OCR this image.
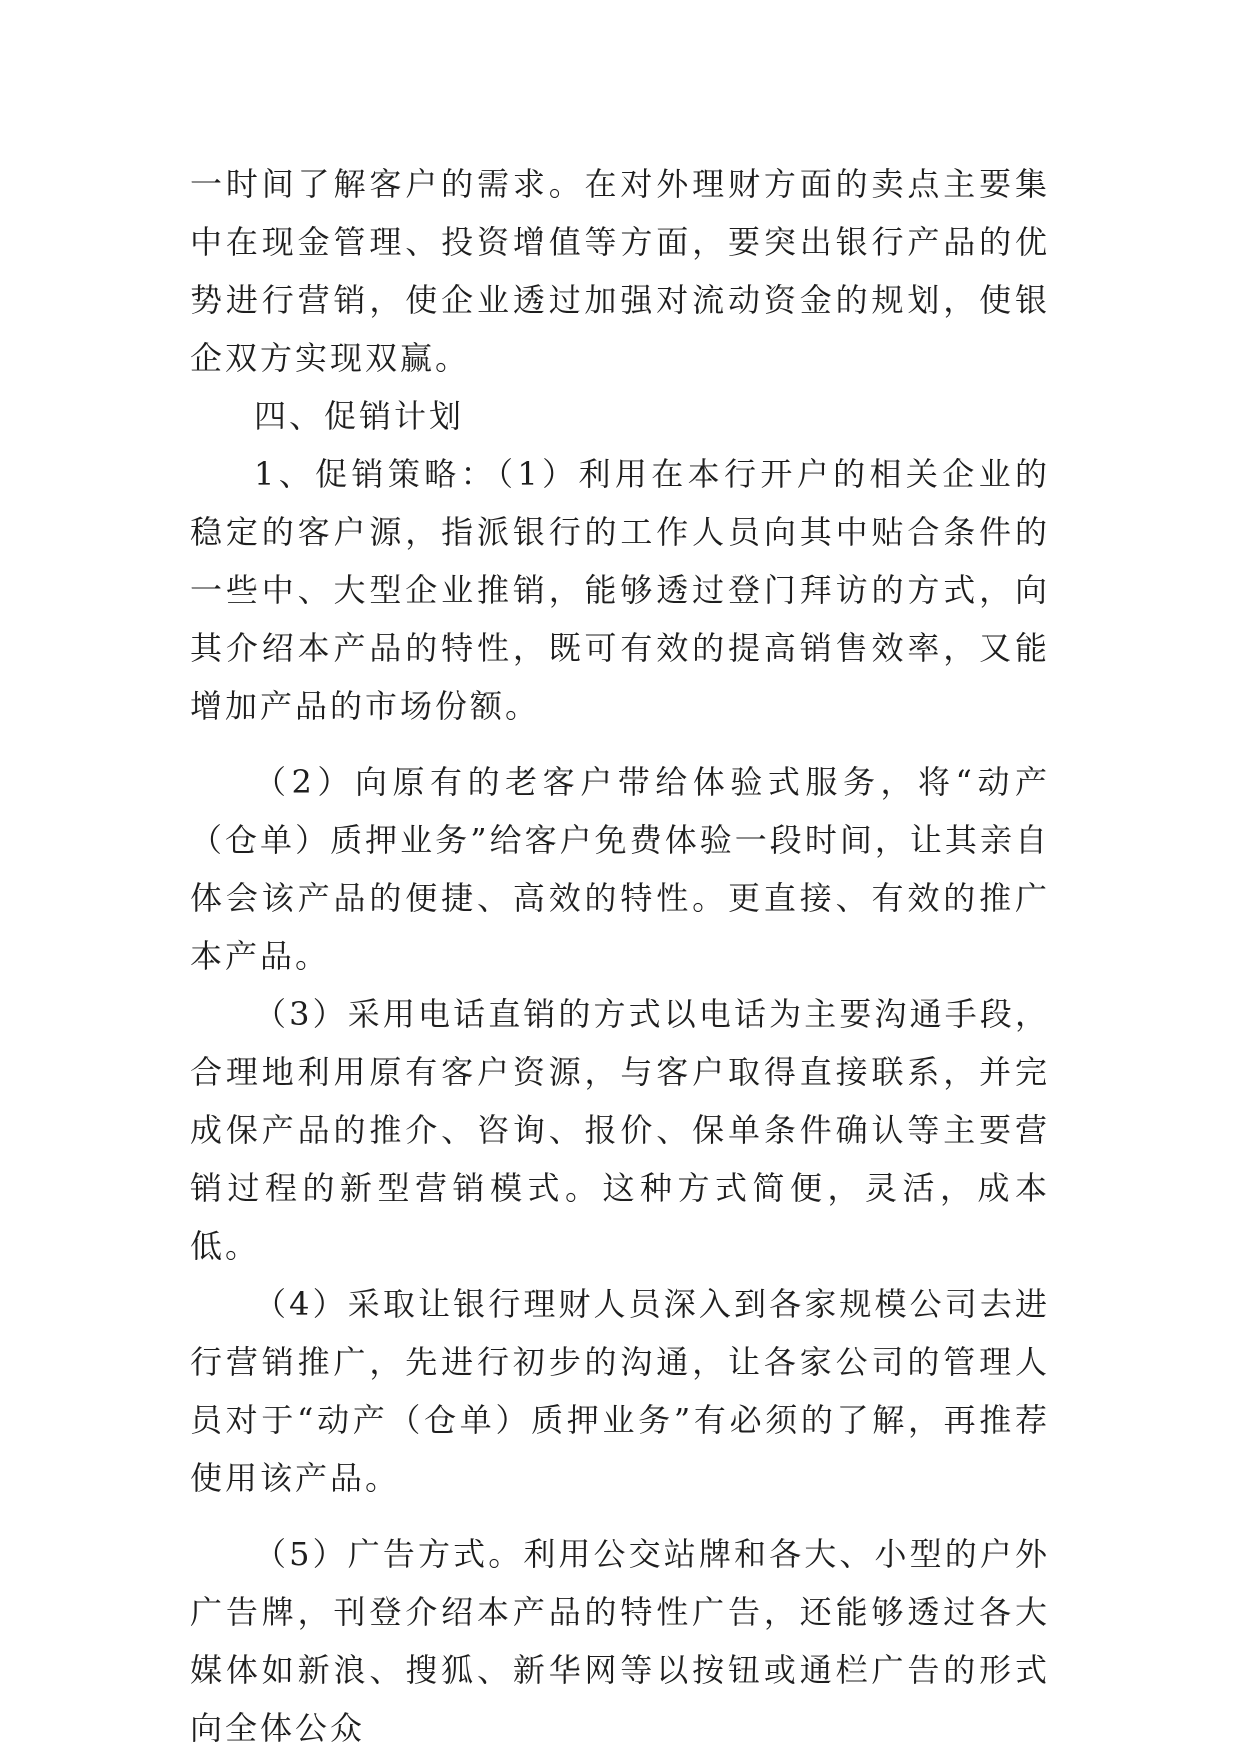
一时间了解客户的需求。在对外理财方面的卖点主要集中在现金管理、投资增值等方面，要突出银行产品的优势进行营销，使企业透过加强对流动资金的规划，使银企双方实现双赢。

四、促销计划

1、促销策略：（1）利用在本行开户的相关企业的稳定的客户源，指派银行的工作人员向其中贴合条件的一些中、大型企业推销，能够透过登门拜访的方式，向其介绍本产品的特性，既可有效的提高销售效率，又能增加产品的市场份额。

（2）向原有的老客户带给体验式服务，将“动产（仓单）质押业务”给客户免费体验一段时间，让其亲自体会该产品的便捷、高效的特性。更直接、有效的推广本产品。

（3）采用电话直销的方式以电话为主要沟通手段，合理地利用原有客户资源，与客户取得直接联系，并完成保产品的推介、咨询、报价、保单条件确认等主要营销过程的新型营销模式。这种方式简便，灵活，成本低。

（4）采取让银行理财人员深入到各家规模公司去进行营销推广，先进行初步的沟通，让各家公司的管理人员对于“动产（仓单）质押业务”有必须的了解，再推荐使用该产品。

（5）广告方式。利用公交站牌和各大、小型的户外广告牌，刊登介绍本产品的特性广告，还能够透过各大媒体如新浪、搜狐、新华网等以按钮或通栏广告的形式向全体公众
